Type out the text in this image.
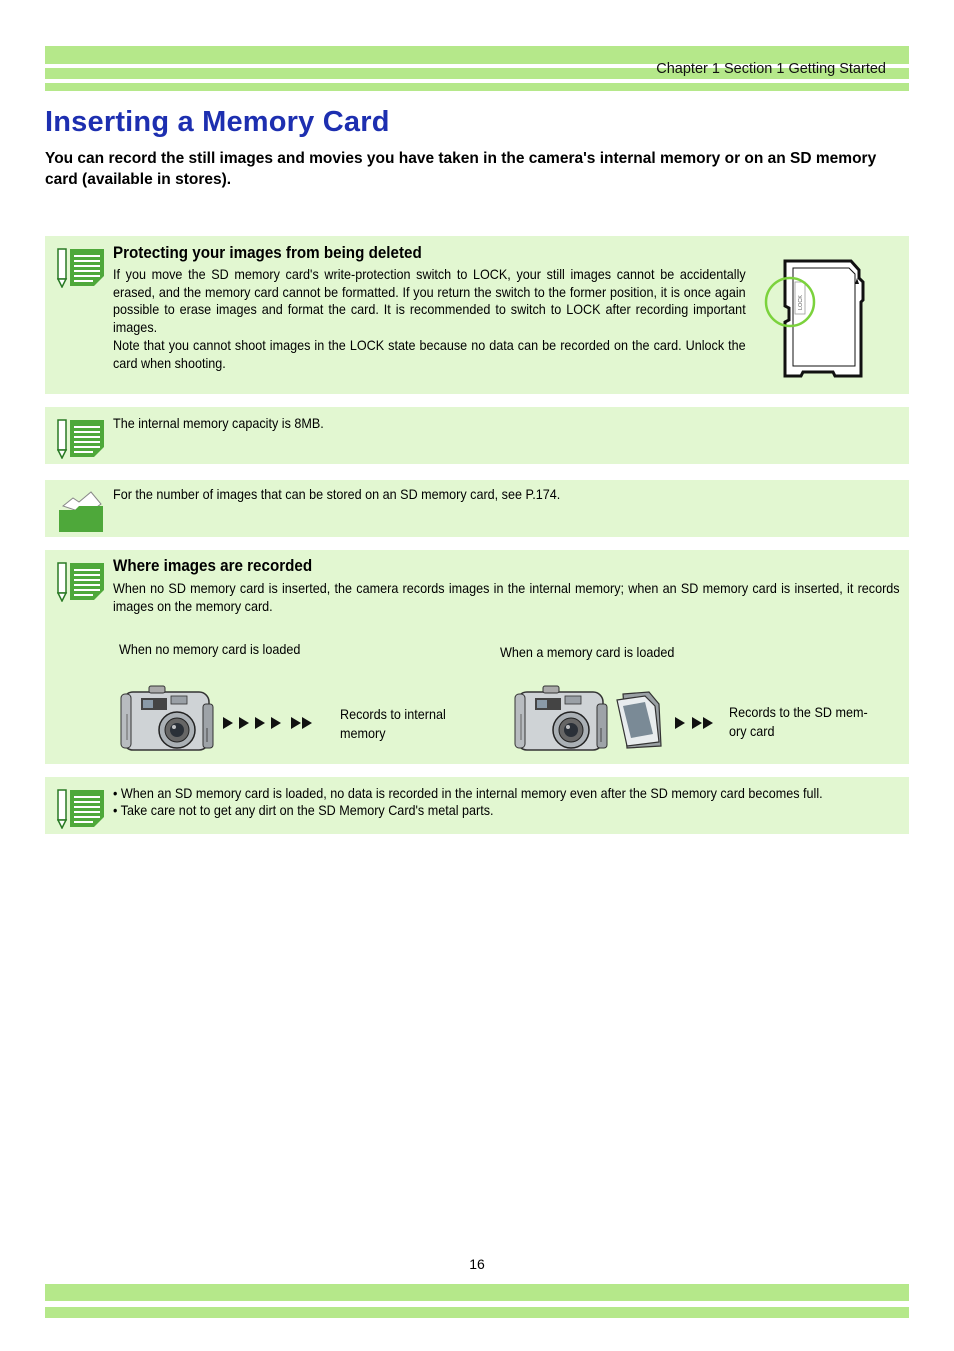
Chapter 1 Section 1 Getting Started
Inserting a Memory Card

You can record the still images and movies you have taken in the camera's internal memory or on an SD memory card (available in stores).

Protecting your images from being deleted

If you move the SD memory card's write-protection switch to LOCK, your still images cannot be accidentally erased, and the memory card cannot be formatted. If you return the switch to the former position, it is once again possible to erase images and format the card. It is recommended to switch to LOCK after recording important images.

Note that you cannot shoot images in the LOCK state because no data can be recorded on the card. Unlock the card when shooting.

LOCK

The internal memory capacity is 8MB.

For the number of images that can be stored on an SD memory card, see P.174.

Where images are recorded

When no SD memory card is inserted, the camera records images in the internal memory; when an SD memory card is inserted, it records images on the memory card.

When no memory card is loaded	When a memory card is loaded
Records to internal
memory
Records to the SD mem-
ory card
• When an SD memory card is loaded, no data is recorded in the internal memory even after the SD memory card becomes full.
• Take care not to get any dirt on the SD Memory Card's metal parts.
16
